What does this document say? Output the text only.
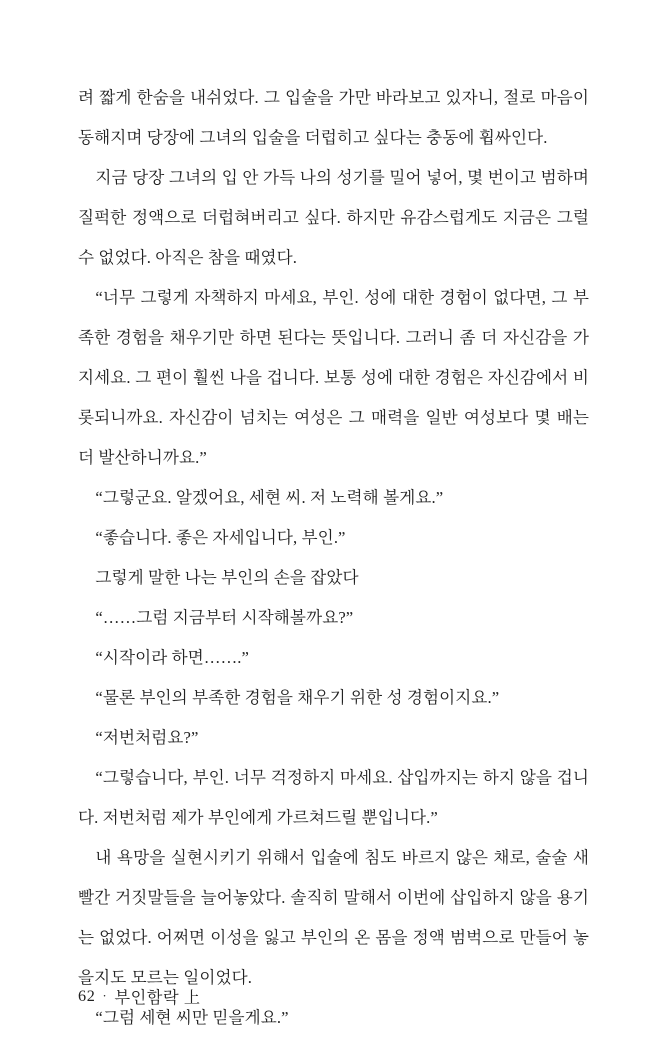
려 짧게 한숨을 내쉬었다. 그 입술을 가만 바라보고 있자니, 절로 마음이 동해지며 당장에 그녀의 입술을 더럽히고 싶다는 충동에 휩싸인다.

지금 당장 그녀의 입 안 가득 나의 성기를 밀어 넣어, 몇 번이고 범하며 질퍽한 정액으로 더럽혀버리고 싶다. 하지만 유감스럽게도 지금은 그럴 수 없었다. 아직은 참을 때였다.

“너무 그렇게 자책하지 마세요, 부인. 성에 대한 경험이 없다면, 그 부족한 경험을 채우기만 하면 된다는 뜻입니다. 그러니 좀 더 자신감을 가지세요. 그 편이 훨씬 나을 겁니다. 보통 성에 대한 경험은 자신감에서 비롯되니까요. 자신감이 넘치는 여성은 그 매력을 일반 여성보다 몇 배는 더 발산하니까요.”

“그렇군요. 알겠어요, 세현 씨. 저 노력해 볼게요.”

“좋습니다. 좋은 자세입니다, 부인.”

그렇게 말한 나는 부인의 손을 잡았다

“……그럼 지금부터 시작해볼까요?”

“시작이라 하면…….”

“물론 부인의 부족한 경험을 채우기 위한 성 경험이지요.”

“저번처럼요?”

“그렇습니다, 부인. 너무 걱정하지 마세요. 삽입까지는 하지 않을 겁니다. 저번처럼 제가 부인에게 가르쳐드릴 뿐입니다.”

내 욕망을 실현시키기 위해서 입술에 침도 바르지 않은 채로, 술술 새빨간 거짓말들을 늘어놓았다. 솔직히 말해서 이번에 삽입하지 않을 용기는 없었다. 어쩌면 이성을 잃고 부인의 온 몸을 정액 범벅으로 만들어 놓을지도 모르는 일이었다.

“그럼 세현 씨만 믿을게요.”

62 · 부인함락 上
